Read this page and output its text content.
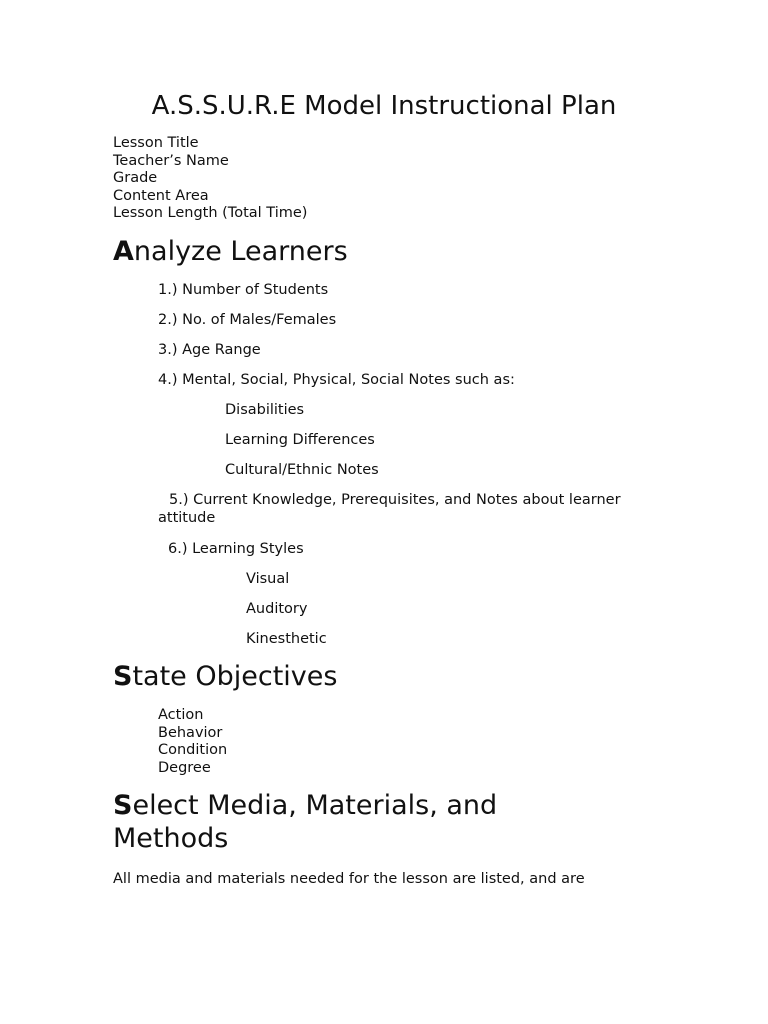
A.S.S.U.R.E Model Instructional Plan
Lesson Title
Teacher’s Name
Grade
Content Area
Lesson Length (Total Time)
Analyze Learners
1.) Number of Students
2.) No. of Males/Females
3.) Age Range
4.) Mental, Social, Physical, Social Notes such as:
Disabilities
Learning Differences
Cultural/Ethnic Notes
5.) Current Knowledge, Prerequisites, and Notes about learner attitude
6.) Learning Styles
Visual
Auditory
Kinesthetic
State Objectives
Action
Behavior
Condition
Degree
Select Media, Materials, and
Methods
All media and materials needed for the lesson are listed, and are
